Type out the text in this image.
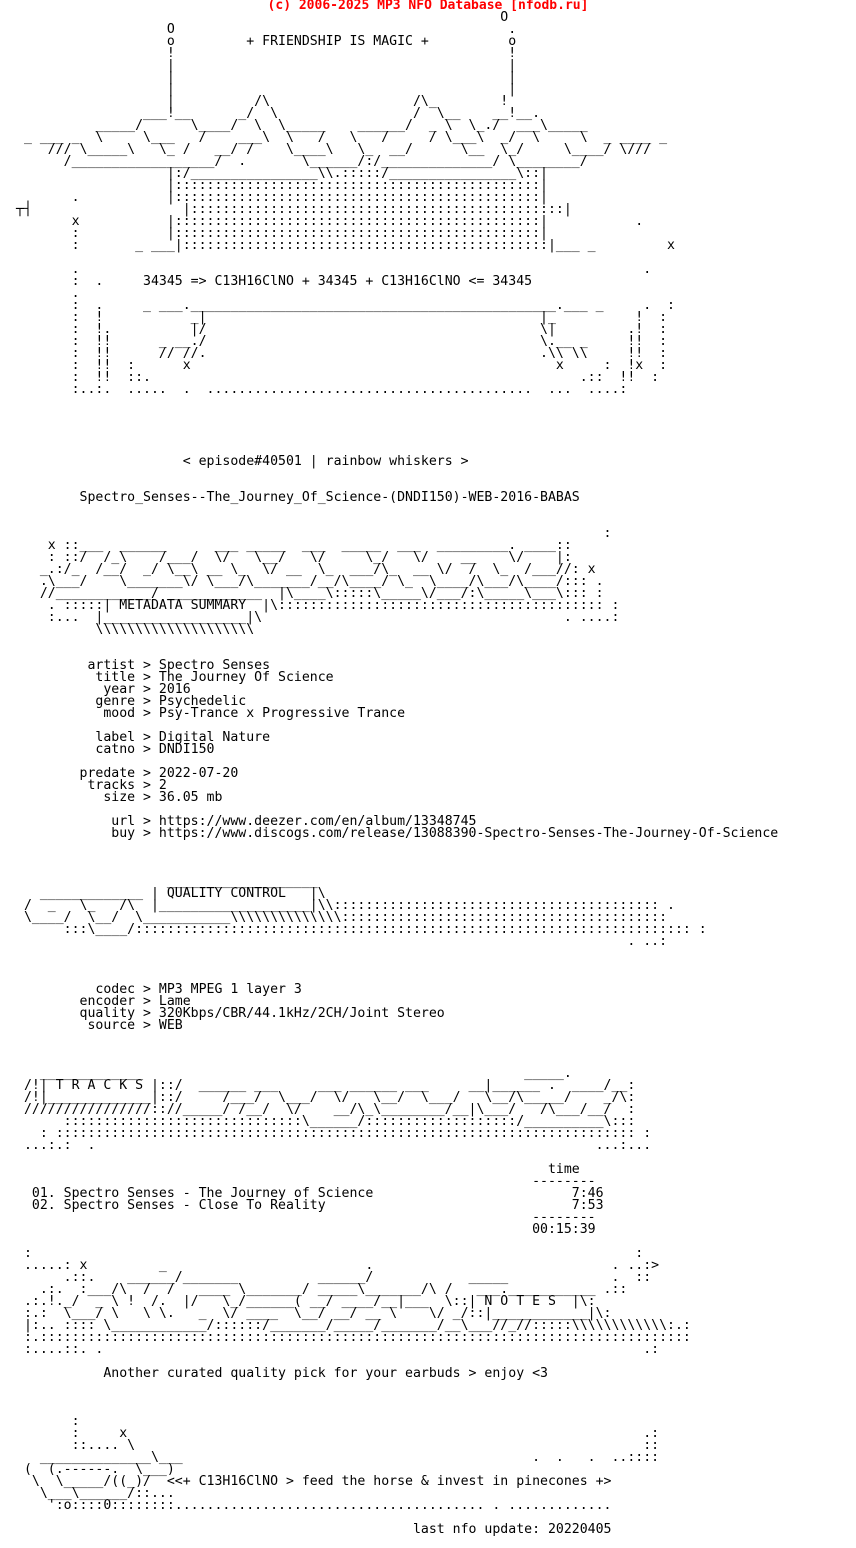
(c) 2006-2025 MP3 NFO Database [nfodb.ru]
O
O                                          .
o         + FRIENDSHIP IS MAGIC +          o
!                                          !
|                                          |
|                                          |
|                                          |
|          /\                  /\_        !
___!__      _/  \                 /  \__    __!__.
_____/      \____/  \  \_____    ______/  _ \  \_./  ___\_____
_ ___ _  \     \___   /    ___\  \   /   \   /     / \___\  _/  \     \  _ ____ _
/// \_____\   \_ /   __/ /    \____\   \_  __/      \__  \_/     \____/ \///
/__________________/  .       \______/:/______________/ \________/
|:/________________\\.:::::/________________\::|
|::::::::::::::::::::::::::::::::::::::::::::::|
.           |::::::::::::::::::::::::::::::::::::::::::::::|
┬┤                   |:::::::::::::::::::::::::::::::::::::::::::::::|
x           |::::::::::::::::::::::::::::::::::::::::::::::|           .
:           |::::::::::::::::::::::::::::::::::::::::::::::|
:       _ ___|::::::::::::::::::::::::::::::::::::::::::::::|___ _         x

.                                                                       .
:  .     34345 => C13H16ClNO + 34345 + C13H16ClNO <= 34345
.
:  .     _ ___.______________________________________________.___ _     .  :
:  !           _|                                          |_          !  :
:  !.          |/                                          \|         .!  :
:  !!      _ __./                                          \.__ _     !!  :
:  !!      // //.                                          .\\ \\     !!  :
:  !!  :      x                                              x     :  !x  :
:  !!  ::.                                                      .::  !!  :
:..:.  .....  .  .........................................  ...  ....:

< episode#40501 | rainbow whiskers >

Spectro_Senses--The_Journey_Of_Science-(DNDI150)-WEB-2016-BABAS

:
x ::___  ______      ___ _____  ___  _____  ___  _________. ____::
: ::/  /_\    /___/  \/   \__/   \/     \_/   \/    __    \/    |:
_.:/_  /__/  _/ \__\ __ \_  \/ __  \_  ___/\_  __ \/  /  \_  /___//: x
.\___/    \_______\/ \___/\_______/__/\____/ \_  \____/\___/\____/::: .
//____________/ ____________  |\____\:::::\_____\/___/:\_____\___\::: :
. :::::| METADATA SUMMARY  |\::::::::::::::::::::::::::::::::::::::::: :
:...  |__________________|\                                      . ....:
\\\\\\\\\\\\\\\\\\\\

artist > Spectro Senses
title > The Journey Of Science
year > 2016
genre > Psychedelic
mood > Psy-Trance x Progressive Trance

label > Digital Nature
catno > DNDI150

predate > 2022-07-20
tracks > 2
size > 36.05 mb

url > https://www.deezer.com/en/album/13348745
buy > https://www.discogs.com/release/13088390-Spectro-Senses-The-Journey-Of-Science

___________________
_____________ | QUALITY CONTROL   |\
/  _   \_   /\  |___________________|\\::::::::::::::::::::::::::::::::::::::::: .
\____/  \__/  \___________\\\\\\\\\\\\\\:::::::::::::::::::::::::::::::::::::::::
:::\____/:::::::::::::::::::::::::::::::::::::::::::::::::::::::::::::::::::::: :
. ..:

codec > MP3 MPEG 1 layer 3
encoder > Lame
quality > 320Kbps/CBR/44.1kHz/2CH/Joint Stereo
source > WEB

_____________                                                _____.
/!| T R A C K S |::/  ______ ___     ___ ______ ___     __|______ .  ____/__:
/!|_____________|::/     /___/  \___/  \/   \__/  \___/   \__/\_____/    _/\:
////////////////:://_____/ /__/  \/    __/\_\________/__|\___/   /\___/__/  :
::::::::::::::::::::::::::::::\______/:::::::::::::::::::/__________\:::
: ::::::::::::::::::::::::::::::::::::::::::::::::::::::::::::::::::::::::: :
...:.:  .                                                               ...:...

time
--------
01. Spectro Senses - The Journey of Science                         7:46
02. Spectro Senses - Close To Reality                               7:53
--------
00:15:39

:                                                                            :
.....: x         _                         .                              . ..:>
.::.    ______/_______          ______/            _____             .  ::
.:.  :___/\  /  /   ____ \_______/ _____\_______/\ /   ___.___________ .::
.:.!._/  _ \ !  /.  |/   \_/______( __/ ____/__|___  \::| N O T E S  |\:
:.:  \___/ \   \ \.   _  \/ ____  \__/ __/ __ \    \/ _/::|____________|\:
|:.. :::: \____________/::::::/_______/_____/_______/__\___//_//:::::\\\\\\\\\\\\:.:
:.::::::::::::::::::::::::::::::::::::::::::::::::::::::::::::::::::::::::::::::::::
:....::. .                                                                    .:

Another curated quality pick for your earbuds > enjoy <3

:
:     x                                                                 .:
::.... \                                                                ::
______________\___                                            .  .   .  ..::::
(  (.------.  \___)
\  \_____/((_)/  <<+ C13H16ClNO > feed the horse & invest in pinecones +>
\___\______/::...
':o::::0::::::::....................................... . .............

last nfo update: 20220405
